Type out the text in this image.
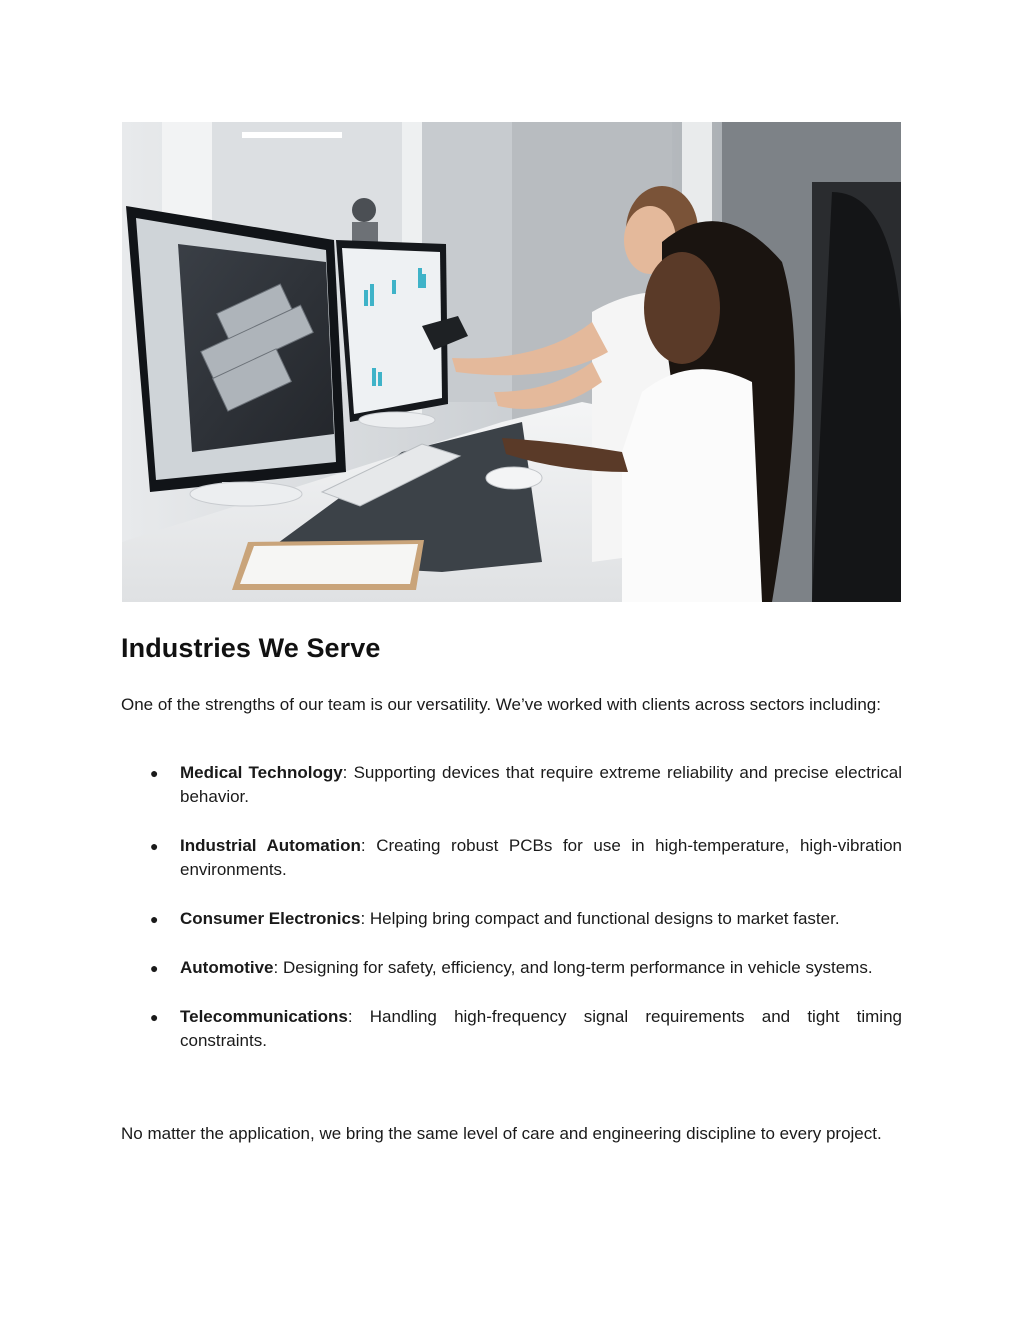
Industries We Serve

One of the strengths of our team is our versatility. We’ve worked with clients across sectors including:

● Medical Technology: Supporting devices that require extreme reliability and precise electrical behavior.
● Industrial Automation: Creating robust PCBs for use in high-temperature, high-vibration environments.
● Consumer Electronics: Helping bring compact and functional designs to market faster.
● Automotive: Designing for safety, efficiency, and long-term performance in vehicle systems.
● Telecommunications: Handling high-frequency signal requirements and tight timing constraints.

No matter the application, we bring the same level of care and engineering discipline to every project.
